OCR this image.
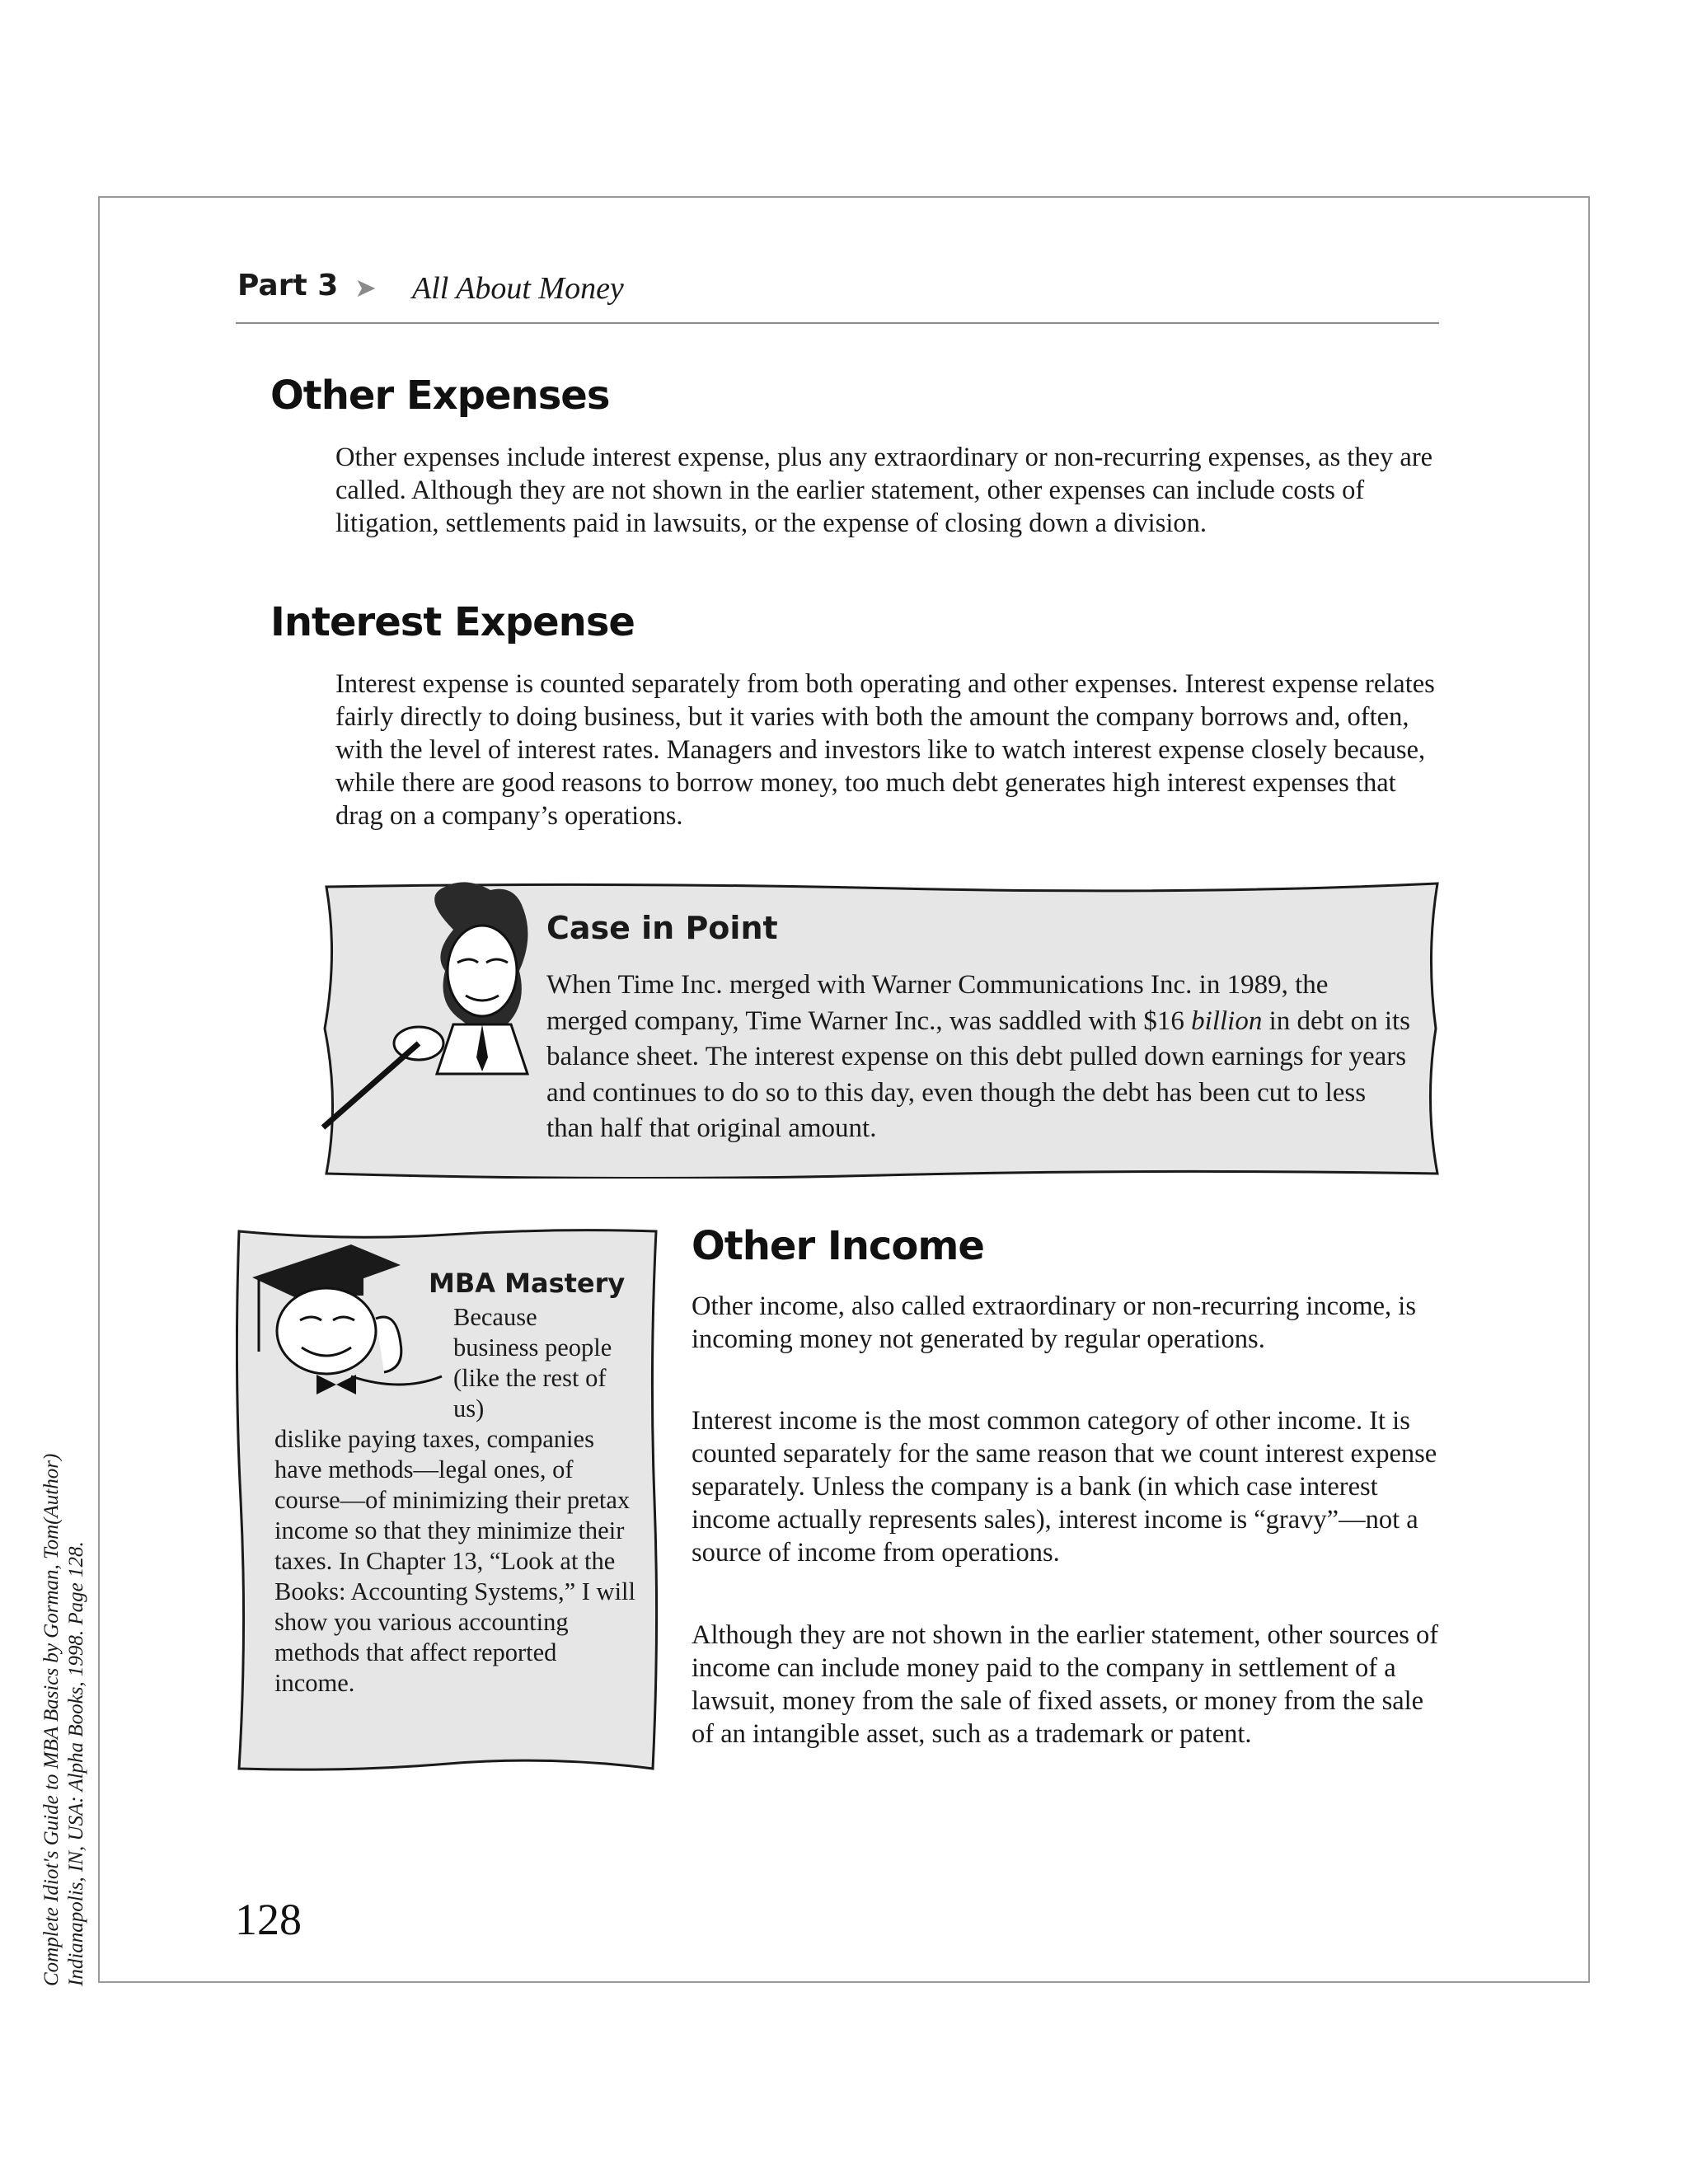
Part 3 ➤ All About Money
Other Expenses

Other expenses include interest expense, plus any extraordinary or non-recurring expenses, as they are called. Although they are not shown in the earlier statement, other expenses can include costs of litigation, settlements paid in lawsuits, or the expense of closing down a division.

Interest Expense

Interest expense is counted separately from both operating and other expenses. Interest expense relates fairly directly to doing business, but it varies with both the amount the company borrows and, often, with the level of interest rates. Managers and investors like to watch interest expense closely because, while there are good reasons to borrow money, too much debt generates high interest expenses that drag on a company’s operations.

Case in Point

When Time Inc. merged with Warner Communications Inc. in 1989, the merged company, Time Warner Inc., was saddled with $16 billion in debt on its balance sheet. The interest expense on this debt pulled down earnings for years and continues to do so to this day, even though the debt has been cut to less than half that original amount.

MBA Mastery

Because business people (like the rest of us)

dislike paying taxes, companies have methods—legal ones, of course—of minimizing their pretax income so that they minimize their taxes. In Chapter 13, “Look at the Books: Accounting Systems,” I will show you various accounting methods that affect reported income.

Other Income

Other income, also called extraordinary or non-recurring income, is incoming money not generated by regular operations.

Interest income is the most common category of other income. It is counted separately for the same reason that we count interest expense separately. Unless the company is a bank (in which case interest income actually represents sales), interest income is “gravy”—not a source of income from operations.

Although they are not shown in the earlier statement, other sources of income can include money paid to the company in settlement of a lawsuit, money from the sale of fixed assets, or money from the sale of an intangible asset, such as a trademark or patent.

128
Complete Idiot's Guide to MBA Basics by Gorman, Tom(Author) Indianapolis, IN, USA: Alpha Books, 1998. Page 128.
